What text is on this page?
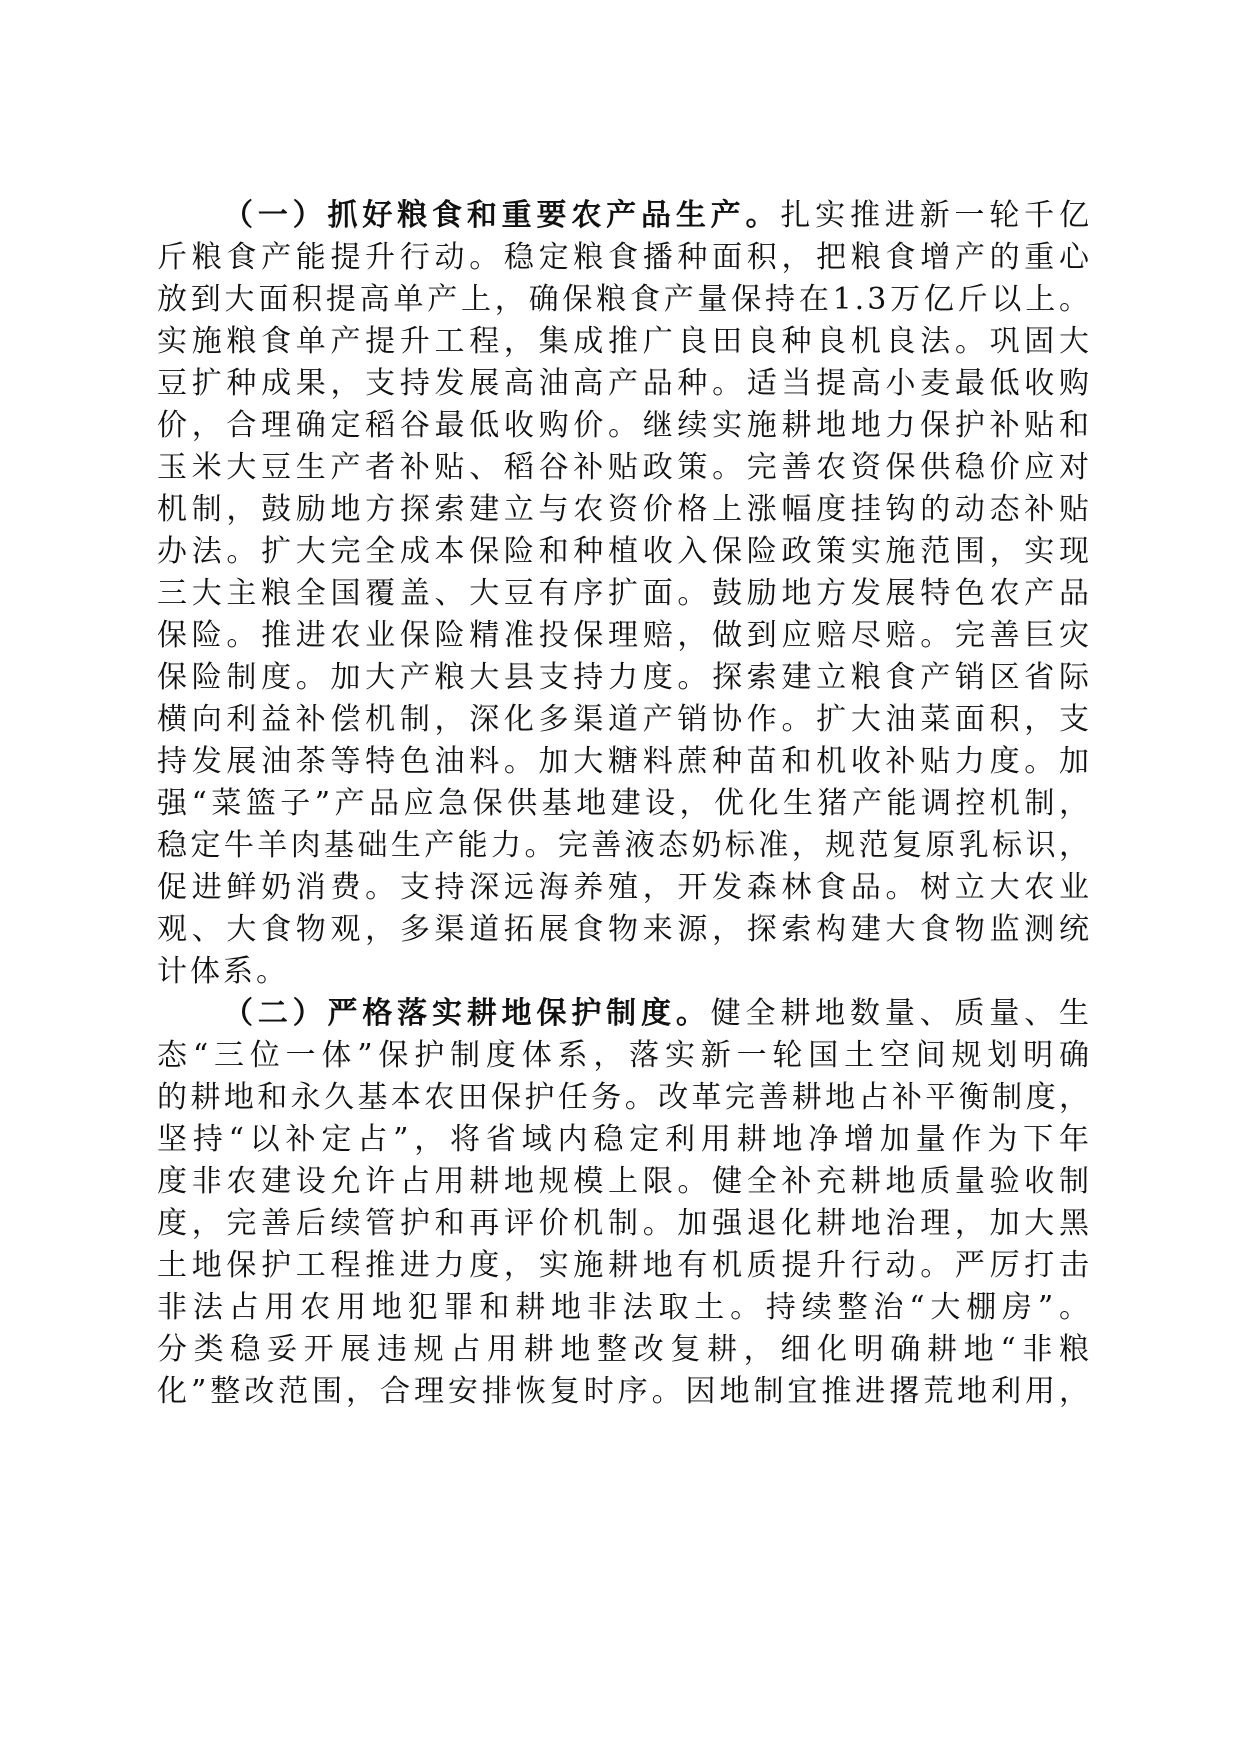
（一）抓好粮食和重要农产品生产。扎实推进新一轮千亿
斤粮食产能提升行动。稳定粮食播种面积，把粮食增产的重心
放到大面积提高单产上，确保粮食产量保持在1.3万亿斤以上。
实施粮食单产提升工程，集成推广良田良种良机良法。巩固大
豆扩种成果，支持发展高油高产品种。适当提高小麦最低收购
价，合理确定稻谷最低收购价。继续实施耕地地力保护补贴和
玉米大豆生产者补贴、稻谷补贴政策。完善农资保供稳价应对
机制，鼓励地方探索建立与农资价格上涨幅度挂钩的动态补贴
办法。扩大完全成本保险和种植收入保险政策实施范围，实现
三大主粮全国覆盖、大豆有序扩面。鼓励地方发展特色农产品
保险。推进农业保险精准投保理赔，做到应赔尽赔。完善巨灾
保险制度。加大产粮大县支持力度。探索建立粮食产销区省际
横向利益补偿机制，深化多渠道产销协作。扩大油菜面积，支
持发展油茶等特色油料。加大糖料蔗种苗和机收补贴力度。加
强“菜篮子”产品应急保供基地建设，优化生猪产能调控机制，
稳定牛羊肉基础生产能力。完善液态奶标准，规范复原乳标识，
促进鲜奶消费。支持深远海养殖，开发森林食品。树立大农业
观、大食物观，多渠道拓展食物来源，探索构建大食物监测统
计体系。
（二）严格落实耕地保护制度。健全耕地数量、质量、生
态“三位一体”保护制度体系，落实新一轮国土空间规划明确
的耕地和永久基本农田保护任务。改革完善耕地占补平衡制度，
坚持“以补定占”，将省域内稳定利用耕地净增加量作为下年
度非农建设允许占用耕地规模上限。健全补充耕地质量验收制
度，完善后续管护和再评价机制。加强退化耕地治理，加大黑
土地保护工程推进力度，实施耕地有机质提升行动。严厉打击
非法占用农用地犯罪和耕地非法取土。持续整治“大棚房”。
分类稳妥开展违规占用耕地整改复耕，细化明确耕地“非粮
化”整改范围，合理安排恢复时序。因地制宜推进撂荒地利用，
